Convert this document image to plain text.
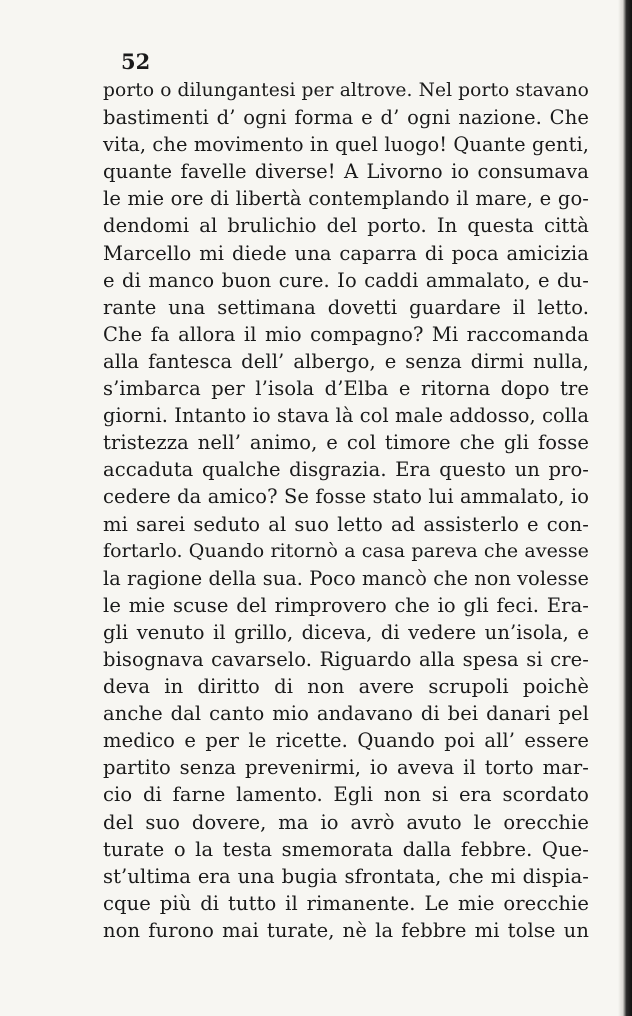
52
porto o dilungantesi per altrove. Nel porto stavano
bastimenti d’ ogni forma e d’ ogni nazione. Che
vita, che movimento in quel luogo! Quante genti,
quante favelle diverse! A Livorno io consumava
le mie ore di libertà contemplando il mare, e go-
dendomi al brulichio del porto. In questa città
Marcello mi diede una caparra di poca amicizia
e di manco buon cure. Io caddi ammalato, e du-
rante una settimana dovetti guardare il letto.
Che fa allora il mio compagno? Mi raccomanda
alla fantesca dell’ albergo, e senza dirmi nulla,
s’imbarca per l’isola d’Elba e ritorna dopo tre
giorni. Intanto io stava là col male addosso, colla
tristezza nell’ animo, e col timore che gli fosse
accaduta qualche disgrazia. Era questo un pro-
cedere da amico? Se fosse stato lui ammalato, io
mi sarei seduto al suo letto ad assisterlo e con-
fortarlo. Quando ritornò a casa pareva che avesse
la ragione della sua. Poco mancò che non volesse
le mie scuse del rimprovero che io gli feci. Era-
gli venuto il grillo, diceva, di vedere un’isola, e
bisognava cavarselo. Riguardo alla spesa si cre-
deva in diritto di non avere scrupoli poichè
anche dal canto mio andavano di bei danari pel
medico e per le ricette. Quando poi all’ essere
partito senza prevenirmi, io aveva il torto mar-
cio di farne lamento. Egli non si era scordato
del suo dovere, ma io avrò avuto le orecchie
turate o la testa smemorata dalla febbre. Que-
st’ultima era una bugia sfrontata, che mi dispia-
cque più di tutto il rimanente. Le mie orecchie
non furono mai turate, nè la febbre mi tolse un
